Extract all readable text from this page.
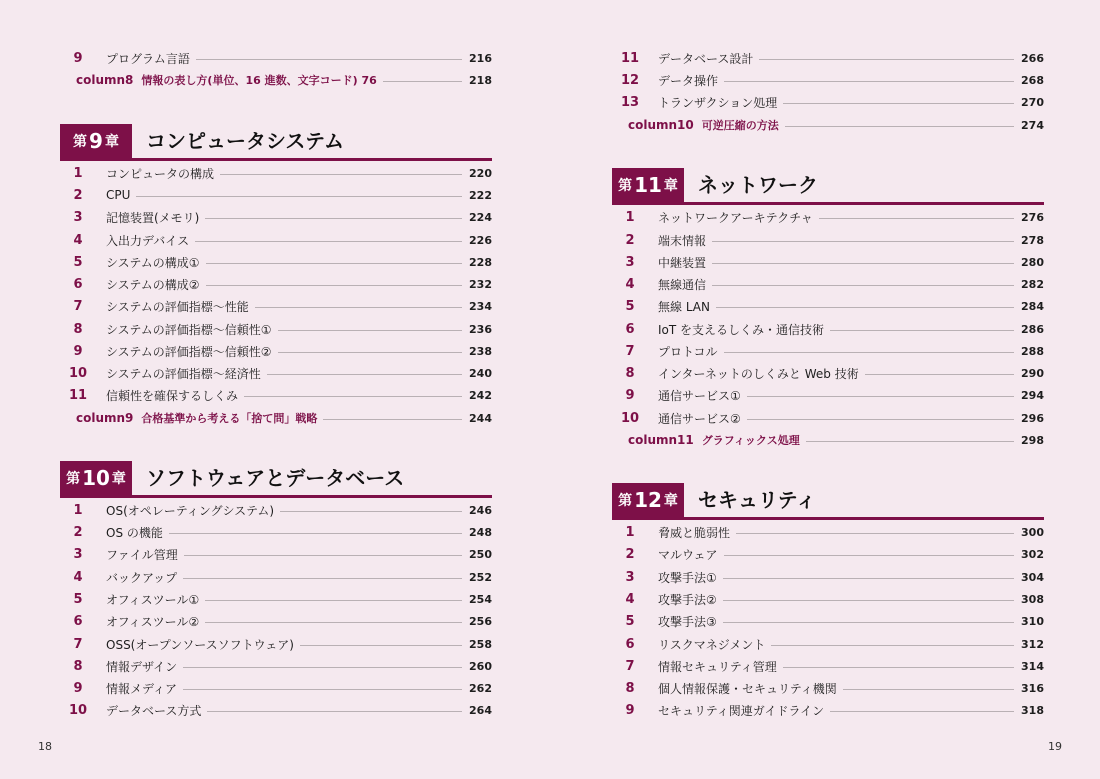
9	プログラム言語	216
column8 情報の表し方(単位、16 進数、文字コード) 76	218
第 9 章 コンピュータシステム
1	コンピュータの構成	220
2	CPU	222
3	記憶装置(メモリ)	224
4	入出力デバイス	226
5	システムの構成①	228
6	システムの構成②	232
7	システムの評価指標～性能	234
8	システムの評価指標～信頼性①	236
9	システムの評価指標～信頼性②	238
10	システムの評価指標～経済性	240
11	信頼性を確保するしくみ	242
column9 合格基準から考える「捨て問」戦略	244
第 10 章 ソフトウェアとデータベース
1	OS(オペレーティングシステム)	246
2	OS の機能	248
3	ファイル管理	250
4	バックアップ	252
5	オフィスツール①	254
6	オフィスツール②	256
7	OSS(オープンソースソフトウェア)	258
8	情報デザイン	260
9	情報メディア	262
10	データベース方式	264
11	データベース設計	266
12	データ操作	268
13	トランザクション処理	270
column10 可逆圧縮の方法	274
第 11 章 ネットワーク
1	ネットワークアーキテクチャ	276
2	端末情報	278
3	中継装置	280
4	無線通信	282
5	無線 LAN	284
6	IoT を支えるしくみ・通信技術	286
7	プロトコル	288
8	インターネットのしくみと Web 技術	290
9	通信サービス①	294
10	通信サービス②	296
column11 グラフィックス処理	298
第 12 章 セキュリティ
1	脅威と脆弱性	300
2	マルウェア	302
3	攻撃手法①	304
4	攻撃手法②	308
5	攻撃手法③	310
6	リスクマネジメント	312
7	情報セキュリティ管理	314
8	個人情報保護・セキュリティ機関	316
9	セキュリティ関連ガイドライン	318
18	19
